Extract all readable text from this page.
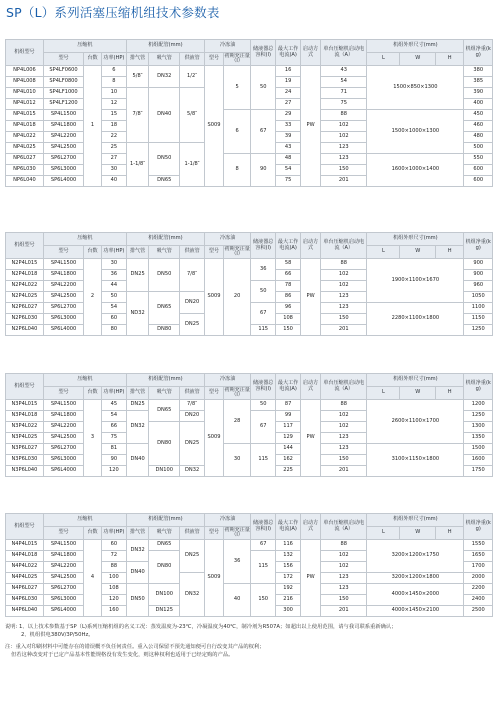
SP（L）系列活塞压缩机组技术参数表
机组型号	压缩机			机组配管(mm)			冷冻油		储液器总容积(l)	最大工作电流(A)	启动方式	单台压缩机启动电流（A）	机组外形尺寸(mm)			机组净重(kg)
	型号	台数	功率(HP)	排气管	吸气管	供液管	型号	初期充注量（l）					L	W	H	
NP4L006	SP4LF0600	1	6	5/8″	DN32	1/2″	S009	5	50	16	PW	43	1500×850×1300			380
NP4L008	SP4LF0800		8							19		54				385
NP4L010	SP4LF1000		10	7/8″	DN40	5/8″				24		71				390
NP4L012	SP4LF1200		12							27		75				400
NP4L015	SP4L1500		15					6	67	29		88	1500×1000×1300			450
NP4L018	SP4L1800		18							33		102				460
NP4L022	SP4L2200		22							39		102				480
NP4L025	SP4L2500		25	1-1/8″	DN50	1-1/8″				43		123				500
NP6L027	SP6L2700		27					8	90	48		123	1600×1000×1400			550
NP6L030	SP6L3000		30							54		150				600
NP6L040	SP6L4000		40		DN65					75		201				600
机组型号	压缩机			机组配管(mm)			冷冻油		储液器总容积(l)	最大工作电流(A)	启动方式	单台压缩机启动电流（A）	机组外形尺寸(mm)			机组净重(kg)
	型号	台数	功率(HP)	排气管	吸气管	供液管	型号	初期充注量（l）					L	W	H	
N2P4L015	SP4L1500	2	30	DN25	DN50	7/8″	S009	20	36	58	PW	88	1900×1100×1670			900
N2P4L018	SP4L1800		36							66		102				900
N2P4L022	SP4L2200		44						50	78		102				960
N2P4L025	SP4L2500		50	ND32	DN65	DN20				86		123				1050
N2P6L027	SP6L2700		54						67	96		123	2280×1100×1800			1100
N2P6L030	SP6L3000		60			DN25				108		150				1150
N2P6L040	SP6L4000		80		DN80				115	150		201				1250
机组型号	压缩机			机组配管(mm)			冷冻油		储液器总容积(l)	最大工作电流(A)	启动方式	单台压缩机启动电流（A）	机组外形尺寸(mm)			机组净重(kg)
	型号	台数	功率(HP)	排气管	吸气管	供液管	型号	初期充注量（l）					L	W	H	
N3P4L015	SP4L1500	3	45	DN25	DN65	7/8″	S009	28	50	87	PW	88	2600×1100×1700			1200
N3P4L018	SP4L1800		54	DN32		DN20			67	99		102				1250
N3P4L022	SP4L2200		66		DN80	DN25				117		102				1300
N3P4L025	SP4L2500		75							129		123				1350
N3P6L027	SP6L2700		81	DN40				30	115	144		123	3100×1150×1800			1500
N3P6L030	SP6L3000		90							162		150				1600
N3P6L040	SP6L4000		120		DN100	DN32				225		201				1750
机组型号	压缩机			机组配管(mm)			冷冻油		储液器总容积(l)	最大工作电流(A)	启动方式	单台压缩机启动电流（A）	机组外形尺寸(mm)			机组净重(kg)
	型号	台数	功率(HP)	排气管	吸气管	供液管	型号	初期充注量（l）					L	W	H	
N4P4L015	SP4L1500	4	60	DN32	DN65	DN25	S009	36	67	116	PW	88	3200×1200×1750			1550
N4P4L018	SP4L1800		72		DN80				115	132		102				1650
N4P4L022	SP4L2200		88	DN40						156		102				1700
N4P4L025	SP4L2500		100			DN32				172		123	3200×1200×1800			2000
N4P6L027	SP6L2700		108	DN50	DN100			40	150	192		123	4000×1450×2000			2200
N4P6L030	SP6L3000		120							216		150				2400
N4P6L040	SP6L4000		160		DN125					300		201	4000×1450×2100			2500
说明: 1、以上技术参数基于SP（L)系列压缩机组的名义工况：蒸发温度为-23℃，冷凝温度为40℃，制冷剂为R507A；如超出以上使用范围，请与我司联系重新确认；
2、机组供电380V/3P/50Hz。
注：重入对印刷材料中可能存在的错误概不负任何责任。重入公司保留不预先通知便可自行改变其产品的权利；
但若这种改变对于已定产品基本性能规格没有发生变化，则这种权利也适用于已经定购的产品。
